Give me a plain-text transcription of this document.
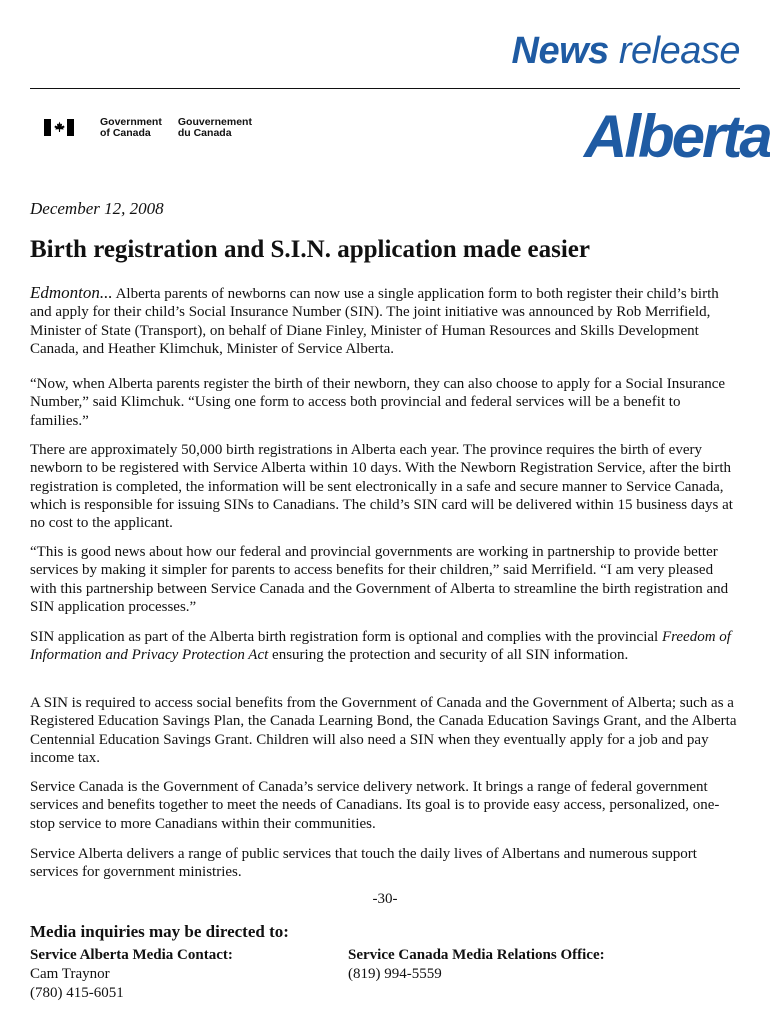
News release
Government
of Canada
Gouvernement
du Canada	Alberta
December 12, 2008
Birth registration and S.I.N. application made easier
Edmonton... Alberta parents of newborns can now use a single application form to both register their child’s birth and apply for their child’s Social Insurance Number (SIN). The joint initiative was announced by Rob Merrifield, Minister of State (Transport), on behalf of Diane Finley, Minister of Human Resources and Skills Development Canada, and Heather Klimchuk, Minister of Service Alberta.
“Now, when Alberta parents register the birth of their newborn, they can also choose to apply for a Social Insurance Number,” said Klimchuk. “Using one form to access both provincial and federal services will be a benefit to families.”
There are approximately 50,000 birth registrations in Alberta each year. The province requires the birth of every newborn to be registered with Service Alberta within 10 days. With the Newborn Registration Service, after the birth registration is completed, the information will be sent electronically in a safe and secure manner to Service Canada, which is responsible for issuing SINs to Canadians. The child’s SIN card will be delivered within 15 business days at no cost to the applicant.
“This is good news about how our federal and provincial governments are working in partnership to provide better services by making it simpler for parents to access benefits for their children,” said Merrifield. “I am very pleased with this partnership between Service Canada and the Government of Alberta to streamline the birth registration and SIN application processes.”
SIN application as part of the Alberta birth registration form is optional and complies with the provincial Freedom of Information and Privacy Protection Act ensuring the protection and security of all SIN information.
A SIN is required to access social benefits from the Government of Canada and the Government of Alberta; such as a Registered Education Savings Plan, the Canada Learning Bond, the Canada Education Savings Grant, and the Alberta Centennial Education Savings Grant. Children will also need a SIN when they eventually apply for a job and pay income tax.
Service Canada is the Government of Canada’s service delivery network. It brings a range of federal government services and benefits together to meet the needs of Canadians. Its goal is to provide easy access, personalized, one-stop service to more Canadians within their communities.
Service Alberta delivers a range of public services that touch the daily lives of Albertans and numerous support services for government ministries.
-30-
Media inquiries may be directed to:
Service Alberta Media Contact:
Cam Traynor
(780) 415-6051
Service Canada Media Relations Office:
(819) 994-5559
